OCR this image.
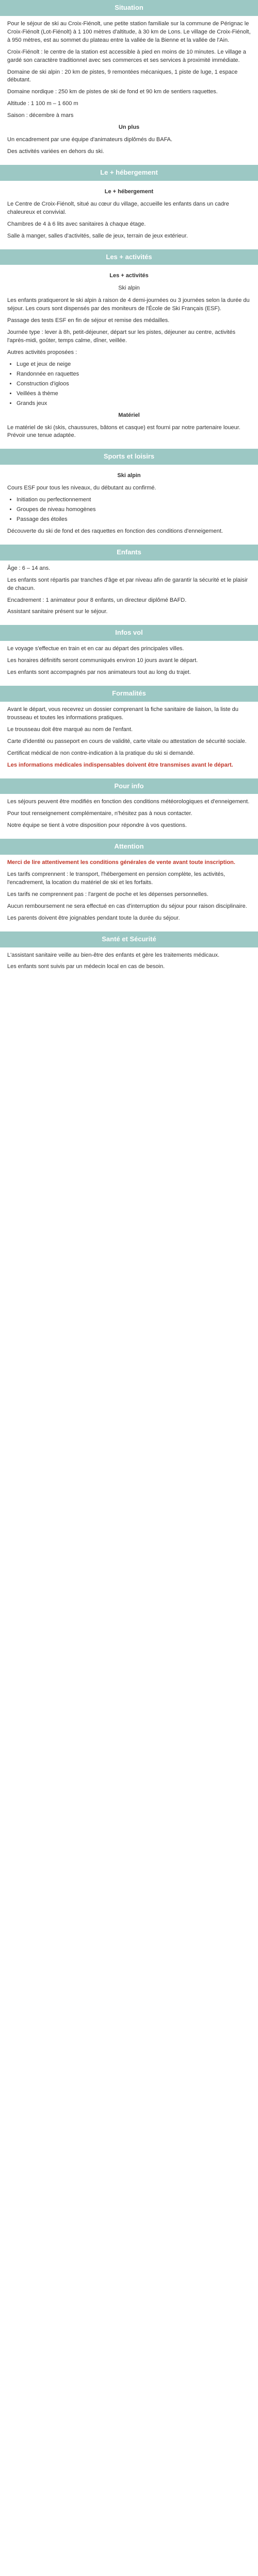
Situation

Pour le séjour de ski au Croix-Fiénolt, une petite station familiale sur la commune de Pérignac le Croix-Fiénolt (Lot-Fiénolt) à 1 100 mètres d'altitude, à 30 km de Lons. Le village de Croix-Fiénolt, à 950 mètres, est au sommet du plateau entre la vallée de la Bienne et la vallée de l'Ain.

Croix-Fiénolt : le centre de la station est accessible à pied en moins de 10 minutes. Le village a gardé son caractère traditionnel avec ses commerces et ses services à proximité immédiate.

Domaine de ski alpin : 20 km de pistes, 9 remontées mécaniques, 1 piste de luge, 1 espace débutant.

Domaine nordique : 250 km de pistes de ski de fond et 90 km de sentiers raquettes.

Altitude : 1 100 m – 1 600 m

Saison : décembre à mars

Un plus

Un encadrement par une équipe d'animateurs diplômés du BAFA.

Des activités variées en dehors du ski.

Le + hébergement
Le + hébergement

Le Centre de Croix-Fiénolt, situé au cœur du village, accueille les enfants dans un cadre chaleureux et convivial.

Chambres de 4 à 6 lits avec sanitaires à chaque étage.

Salle à manger, salles d'activités, salle de jeux, terrain de jeux extérieur.

Les + activités
Les + activités
Ski alpin

Les enfants pratiqueront le ski alpin à raison de 4 demi-journées ou 3 journées selon la durée du séjour. Les cours sont dispensés par des moniteurs de l'École de Ski Français (ESF).

Passage des tests ESF en fin de séjour et remise des médailles.

Journée type : lever à 8h, petit-déjeuner, départ sur les pistes, déjeuner au centre, activités l'après-midi, goûter, temps calme, dîner, veillée.

Autres activités proposées :

• Luge et jeux de neige
• Randonnée en raquettes
• Construction d'igloos
• Veillées à thème
• Grands jeux
Matériel

Le matériel de ski (skis, chaussures, bâtons et casque) est fourni par notre partenaire loueur. Prévoir une tenue adaptée.

Sports et loisirs
Ski alpin

Cours ESF pour tous les niveaux, du débutant au confirmé.

• Initiation ou perfectionnement
• Groupes de niveau homogènes
• Passage des étoiles

Découverte du ski de fond et des raquettes en fonction des conditions d'enneigement.

Enfants

Âge : 6 – 14 ans.

Les enfants sont répartis par tranches d'âge et par niveau afin de garantir la sécurité et le plaisir de chacun.

Encadrement : 1 animateur pour 8 enfants, un directeur diplômé BAFD.

Assistant sanitaire présent sur le séjour.

Infos vol

Le voyage s'effectue en train et en car au départ des principales villes.

Les horaires définitifs seront communiqués environ 10 jours avant le départ.

Les enfants sont accompagnés par nos animateurs tout au long du trajet.

Formalités

Avant le départ, vous recevrez un dossier comprenant la fiche sanitaire de liaison, la liste du trousseau et toutes les informations pratiques.

Le trousseau doit être marqué au nom de l'enfant.

Carte d'identité ou passeport en cours de validité, carte vitale ou attestation de sécurité sociale.

Certificat médical de non contre-indication à la pratique du ski si demandé.

Les informations médicales indispensables doivent être transmises avant le départ.

Pour info

Les séjours peuvent être modifiés en fonction des conditions météorologiques et d'enneigement.

Pour tout renseignement complémentaire, n'hésitez pas à nous contacter.

Notre équipe se tient à votre disposition pour répondre à vos questions.

Attention

Merci de lire attentivement les conditions générales de vente avant toute inscription.

Les tarifs comprennent : le transport, l'hébergement en pension complète, les activités, l'encadrement, la location du matériel de ski et les forfaits.

Les tarifs ne comprennent pas : l'argent de poche et les dépenses personnelles.

Aucun remboursement ne sera effectué en cas d'interruption du séjour pour raison disciplinaire.

Les parents doivent être joignables pendant toute la durée du séjour.

Santé et Sécurité

L'assistant sanitaire veille au bien-être des enfants et gère les traitements médicaux.

Les enfants sont suivis par un médecin local en cas de besoin.
